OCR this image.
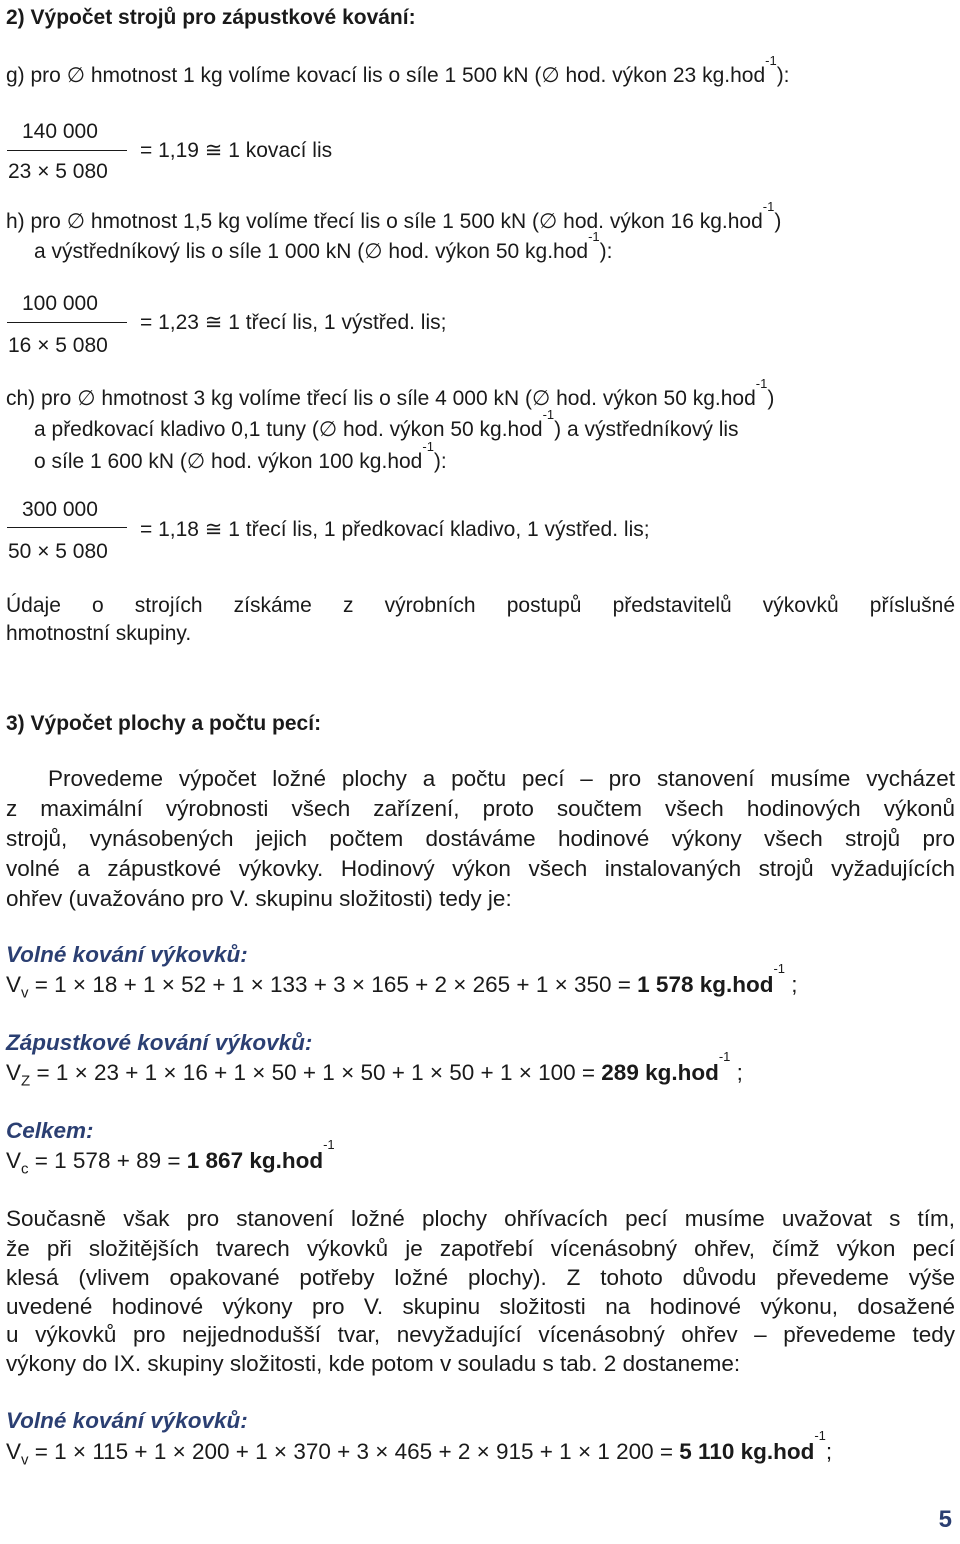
2) Výpočet strojů pro zápustkové kování:
g) pro ∅ hmotnost 1 kg volíme kovací lis o síle 1 500 kN (∅ hod. výkon 23 kg.hod$^{-1}$):
140 000
23 × 5 080
= 1,19 ≅ 1 kovací lis
h) pro ∅ hmotnost 1,5 kg volíme třecí lis o síle 1 500 kN (∅ hod. výkon 16 kg.hod$^{-1}$)
a výstředníkový lis o síle 1 000 kN (∅ hod. výkon 50 kg.hod$^{-1}$):
100 000
16 × 5 080
= 1,23 ≅ 1 třecí lis, 1 výstřed. lis;
ch) pro ∅ hmotnost 3 kg volíme třecí lis o síle 4 000 kN (∅ hod. výkon 50 kg.hod$^{-1}$)
a předkovací kladivo 0,1 tuny (∅ hod. výkon 50 kg.hod$^{-1}$) a výstředníkový lis
o síle 1 600 kN (∅ hod. výkon 100 kg.hod$^{-1}$):
300 000
50 × 5 080
= 1,18 ≅ 1 třecí lis, 1 předkovací kladivo, 1 výstřed. lis;
Údaje o strojích získáme z výrobních postupů představitelů výkovků příslušné
hmotnostní skupiny.
3) Výpočet plochy a počtu pecí:
Provedeme výpočet ložné plochy a počtu pecí – pro stanovení musíme vycházet
z maximální výrobnosti všech zařízení, proto součtem všech hodinových výkonů
strojů, vynásobených jejich počtem dostáváme hodinové výkony všech strojů pro
volné a zápustkové výkovky. Hodinový výkon všech instalovaných strojů vyžadujících
ohřev (uvažováno pro V. skupinu složitosti) tedy je:
Volné kování výkovků:
$V_v = 1 \times 18 + 1 \times 52 + 1 \times 133 + 3 \times 165 + 2 \times 265 + 1 \times 350 = 1$ 578 kg.hod$^{-1}$ ;
Zápustkové kování výkovků:
$V_Z = 1 \times 23 + 1 \times 16 + 1 \times 50 + 1 \times 50 + 1 \times 50 + 1 \times 100 = 289$ kg.hod$^{-1}$ ;
Celkem:
$V_c = 1$ 578 + 89 = 1 867 kg.hod$^{-1}$
Současně však pro stanovení ložné plochy ohřívacích pecí musíme uvažovat s tím,
že při složitějších tvarech výkovků je zapotřebí vícenásobný ohřev, čímž výkon pecí
klesá (vlivem opakované potřeby ložné plochy). Z tohoto důvodu převedeme výše
uvedené hodinové výkony pro V. skupinu složitosti na hodinové výkonu, dosažené
u výkovků pro nejjednodušší tvar, nevyžadující vícenásobný ohřev – převedeme tedy
výkony do IX. skupiny složitosti, kde potom v souladu s tab. 2 dostaneme:
Volné kování výkovků:
$V_v = 1 \times 115 + 1 \times 200 + 1 \times 370 + 3 \times 465 + 2 \times 915 + 1 \times 1$ 200 = 5 110 kg.hod$^{-1}$;
5
